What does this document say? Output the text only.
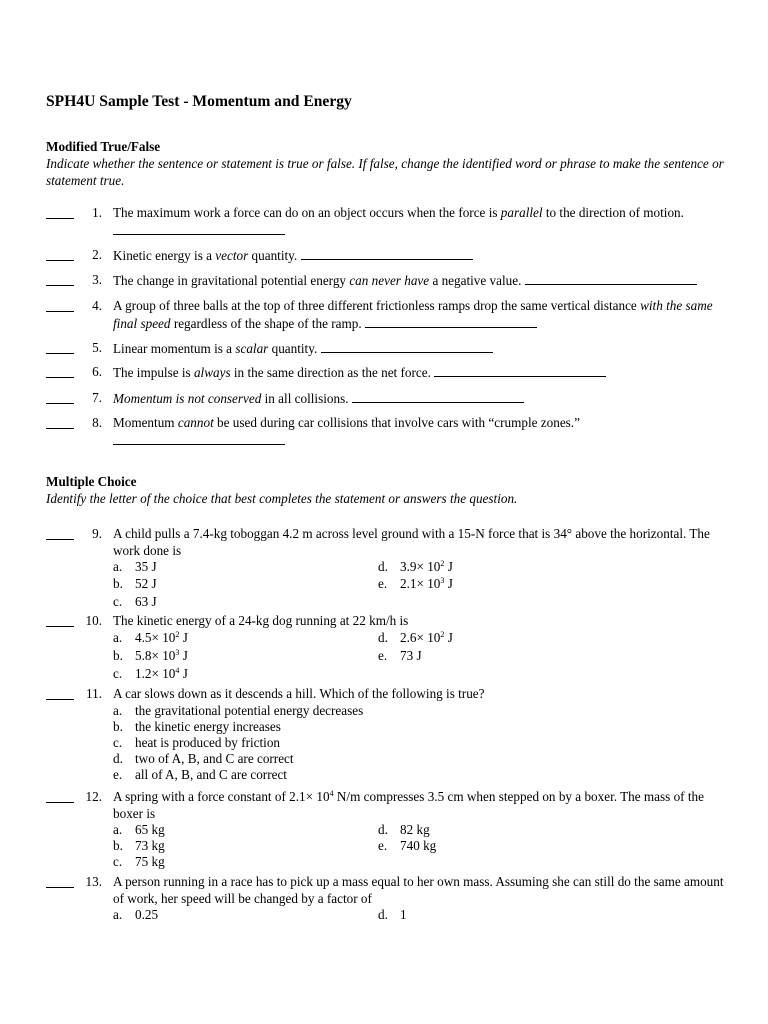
SPH4U Sample Test - Momentum and Energy
Modified True/False
Indicate whether the sentence or statement is true or false. If false, change the identified word or phrase to make the sentence or statement true.
1. The maximum work a force can do on an object occurs when the force is parallel to the direction of motion.

2. Kinetic energy is a vector quantity.
3. The change in gravitational potential energy can never have a negative value.
4. A group of three balls at the top of three different frictionless ramps drop the same vertical distance with the same final speed regardless of the shape of the ramp.
5. Linear momentum is a scalar quantity.
6. The impulse is always in the same direction as the net force.
7. Momentum is not conserved in all collisions.
8. Momentum cannot be used during car collisions that involve cars with “crumple zones.”

Multiple Choice
Identify the letter of the choice that best completes the statement or answers the question.
9. A child pulls a 7.4-kg toboggan 4.2 m across level ground with a 15-N force that is 34° above the horizontal. The work done is
a. 35 J
b. 52 J
c. 63 J
d. $3.9\times 10^2$ J
e. $2.1\times 10^3$ J
10. The kinetic energy of a 24-kg dog running at 22 km/h is
a. $4.5\times 10^2$ J
b. $5.8\times 10^3$ J
c. $1.2\times 10^4$ J
d. $2.6\times 10^2$ J
e. 73 J
11. A car slows down as it descends a hill. Which of the following is true?
a. the gravitational potential energy decreases
b. the kinetic energy increases
c. heat is produced by friction
d. two of A, B, and C are correct
e. all of A, B, and C are correct
12. A spring with a force constant of $2.1\times 10^4$ N/m compresses 3.5 cm when stepped on by a boxer. The mass of the boxer is
a. 65 kg
b. 73 kg
c. 75 kg
d. 82 kg
e. 740 kg
13. A person running in a race has to pick up a mass equal to her own mass. Assuming she can still do the same amount of work, her speed will be changed by a factor of
a. 0.25	d. 1
